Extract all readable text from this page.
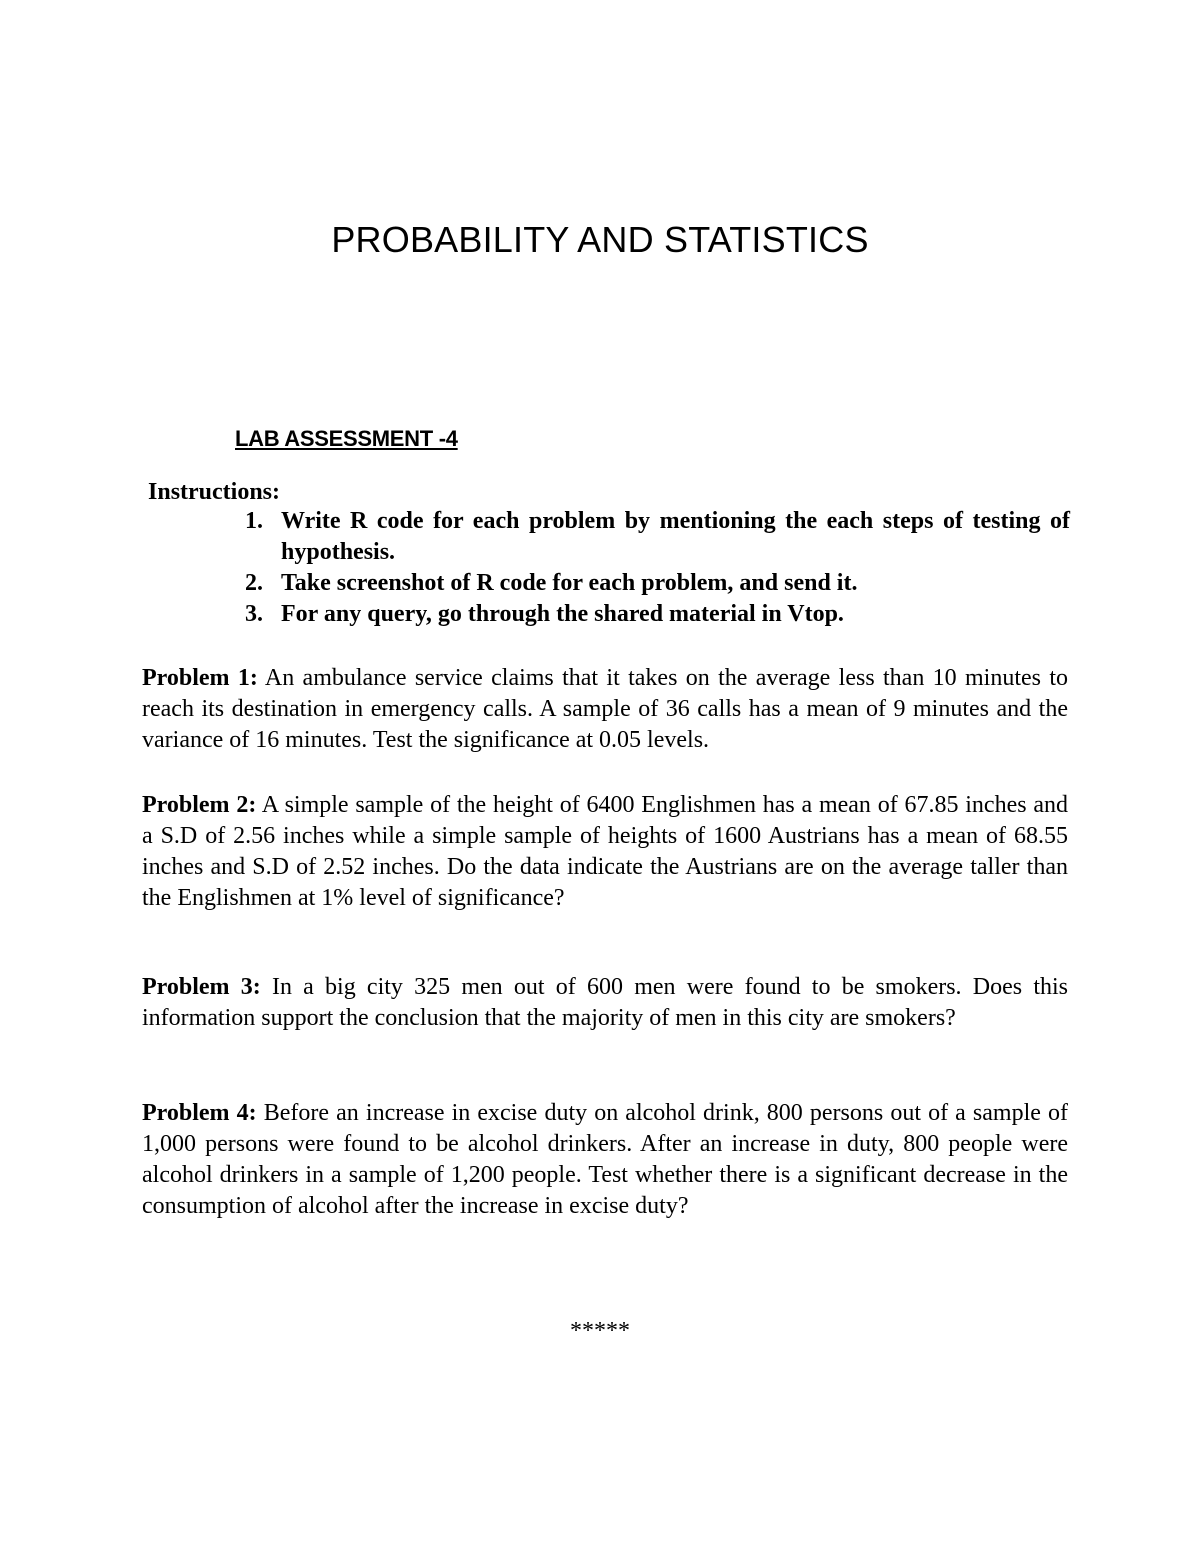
PROBABILITY AND STATISTICS
LAB ASSESSMENT -4
Instructions:
1. Write R code for each problem by mentioning the each steps of testing of hypothesis.
2. Take screenshot of R code for each problem, and send it.
3. For any query, go through the shared material in Vtop.
Problem 1: An ambulance service claims that it takes on the average less than 10 minutes to reach its destination in emergency calls. A sample of 36 calls has a mean of 9 minutes and the variance of 16 minutes. Test the significance at 0.05 levels.
Problem 2: A simple sample of the height of 6400 Englishmen has a mean of 67.85 inches and a S.D of 2.56 inches while a simple sample of heights of 1600 Austrians has a mean of 68.55 inches and S.D of 2.52 inches. Do the data indicate the Austrians are on the average taller than the Englishmen at 1% level of significance?
Problem 3: In a big city 325 men out of 600 men were found to be smokers. Does this information support the conclusion that the majority of men in this city are smokers?
Problem 4: Before an increase in excise duty on alcohol drink, 800 persons out of a sample of 1,000 persons were found to be alcohol drinkers. After an increase in duty, 800 people were alcohol drinkers in a sample of 1,200 people. Test whether there is a significant decrease in the consumption of alcohol after the increase in excise duty?
*****
